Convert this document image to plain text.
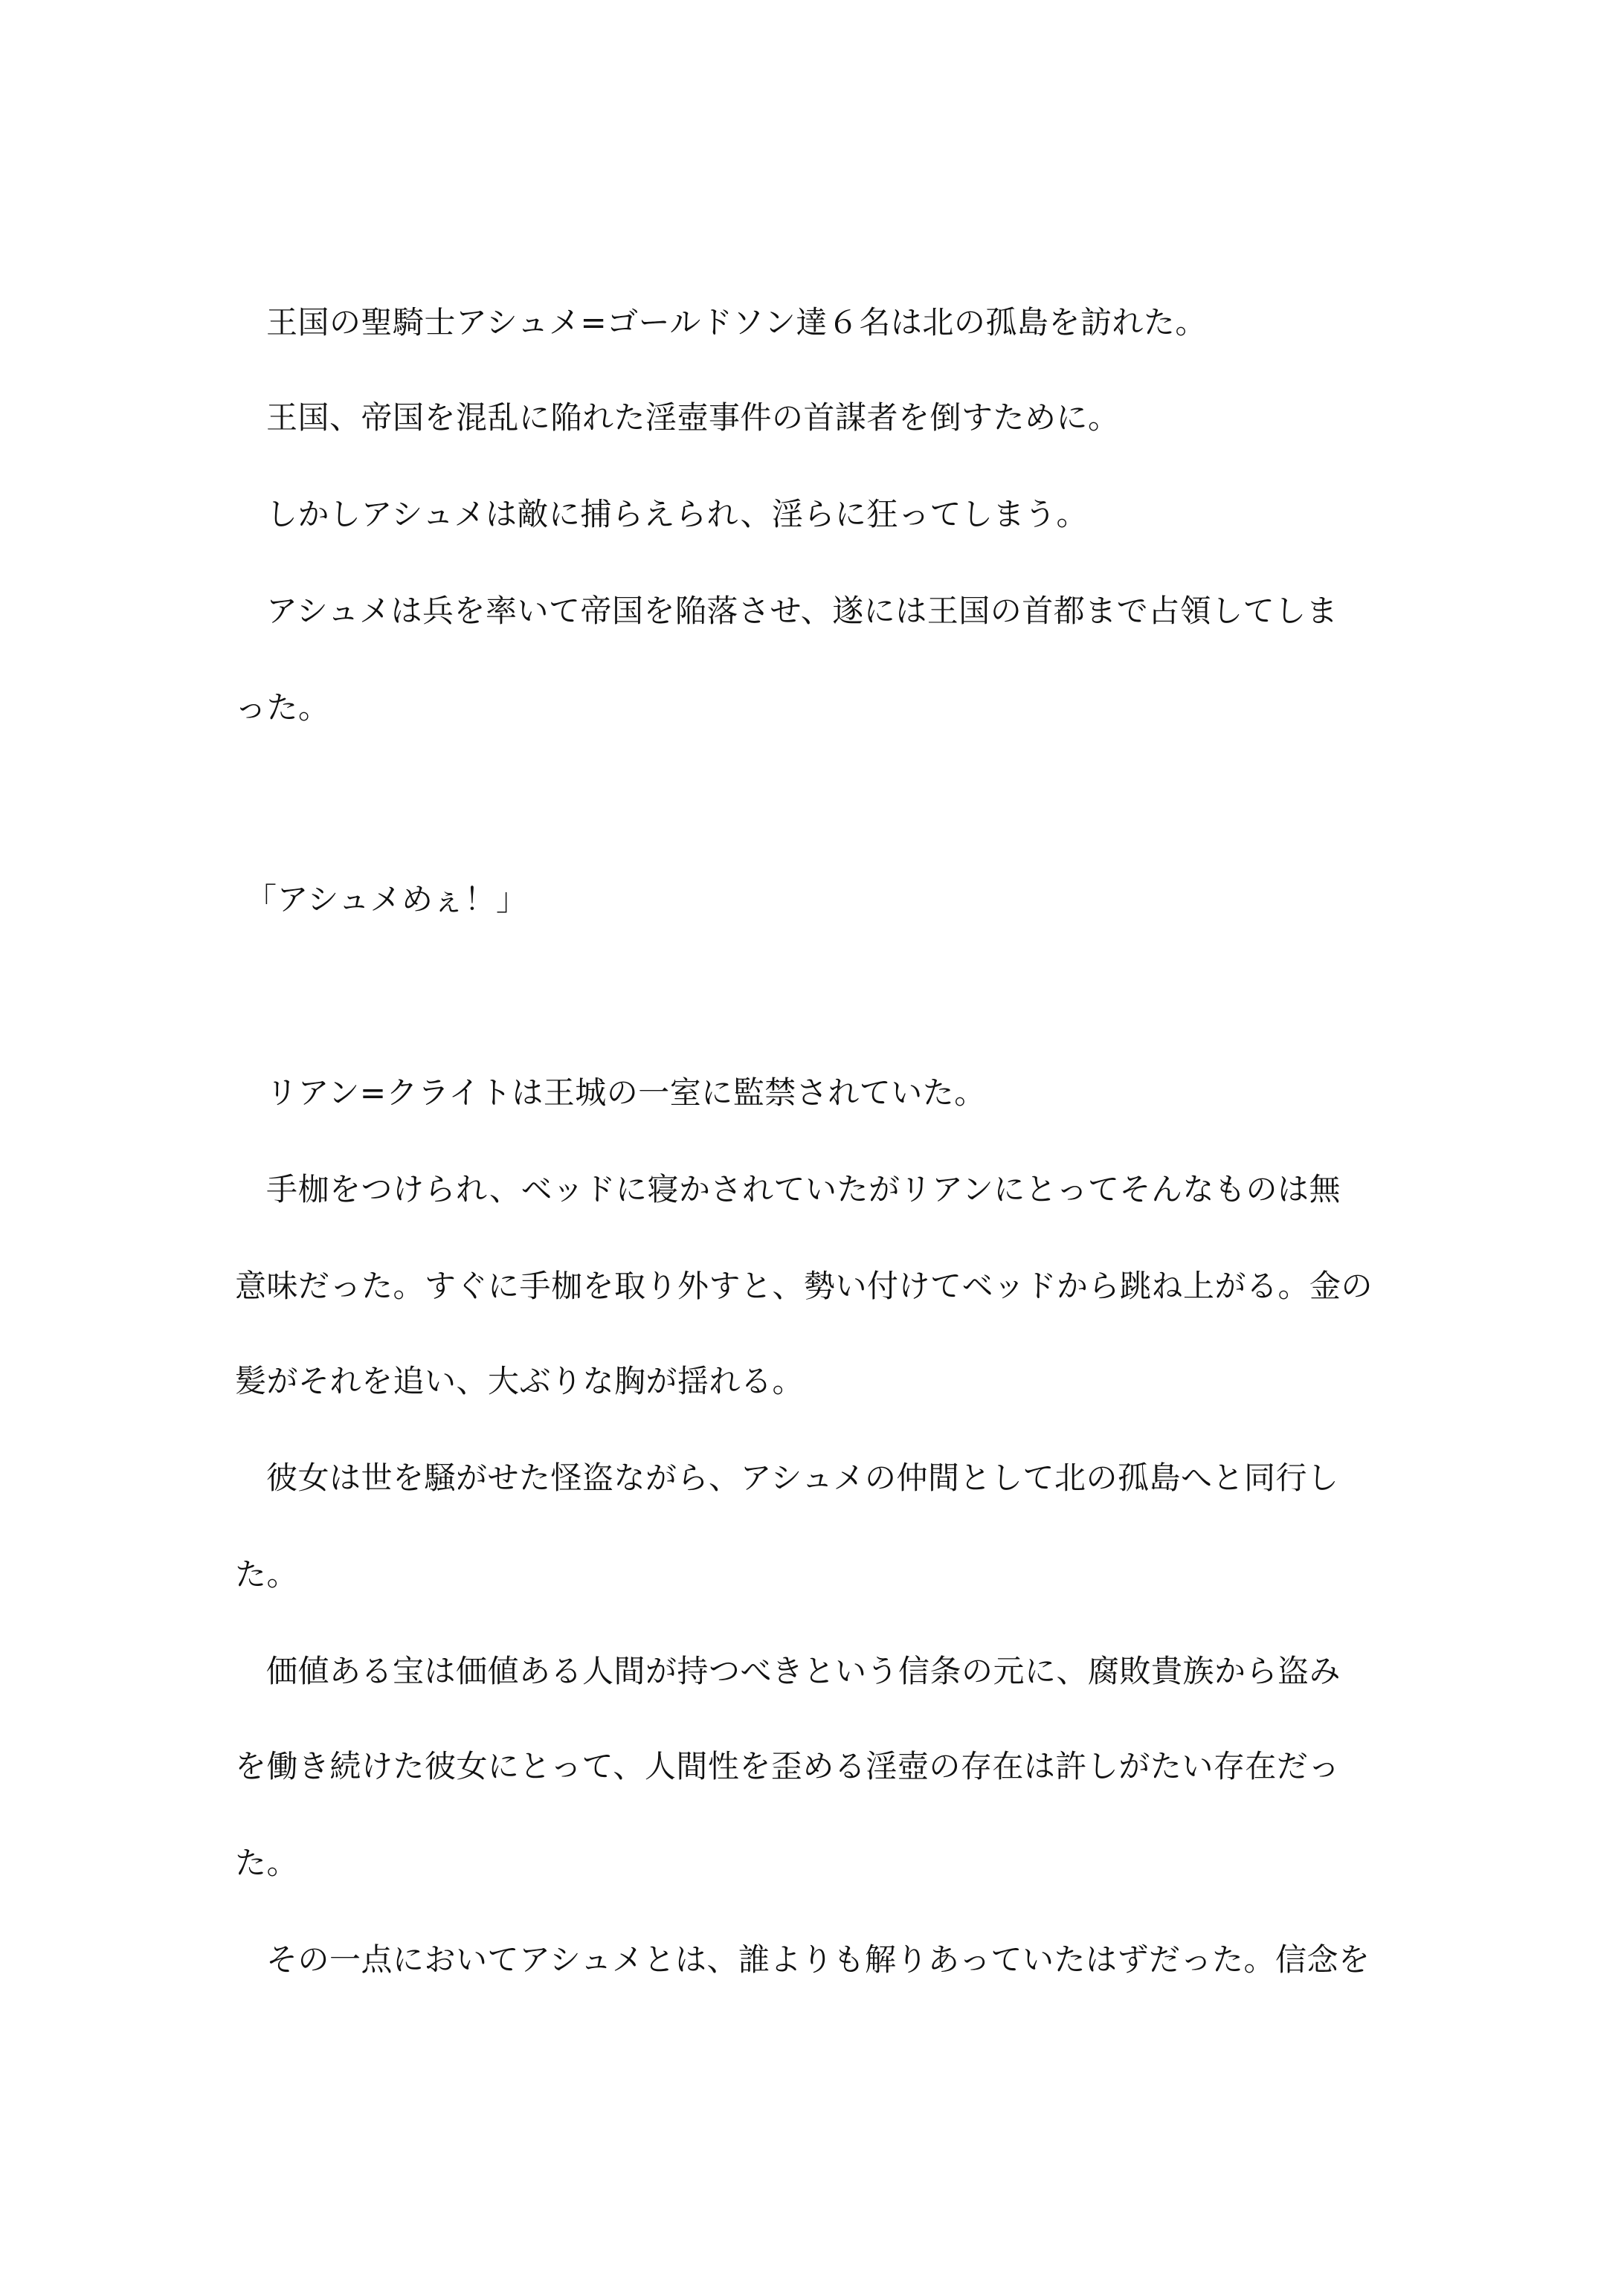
王国の聖騎士アシュメ=ゴールドソン達６名は北の孤島を訪れた。
王国、帝国を混乱に陥れた淫壺事件の首謀者を倒すために。
しかしアシュメは敵に捕らえられ、淫らに狂ってしまう。
アシュメは兵を率いて帝国を陥落させ、遂には王国の首都まで占領してしま
った。
「アシュメめぇ！」
リアン=クライトは王城の一室に監禁されていた。
手枷をつけられ、ベッドに寝かされていたがリアンにとってそんなものは無
意味だった。すぐに手枷を取り外すと、勢い付けてベッドから跳ね上がる。金の
髪がそれを追い、大ぶりな胸が揺れる。
彼女は世を騒がせた怪盗ながら、アシュメの仲間として北の孤島へと同行し
た。
価値ある宝は価値ある人間が持つべきという信条の元に、腐敗貴族から盗み
を働き続けた彼女にとって、人間性を歪める淫壺の存在は許しがたい存在だっ
た。
その一点においてアシュメとは、誰よりも解りあっていたはずだった。信念を
